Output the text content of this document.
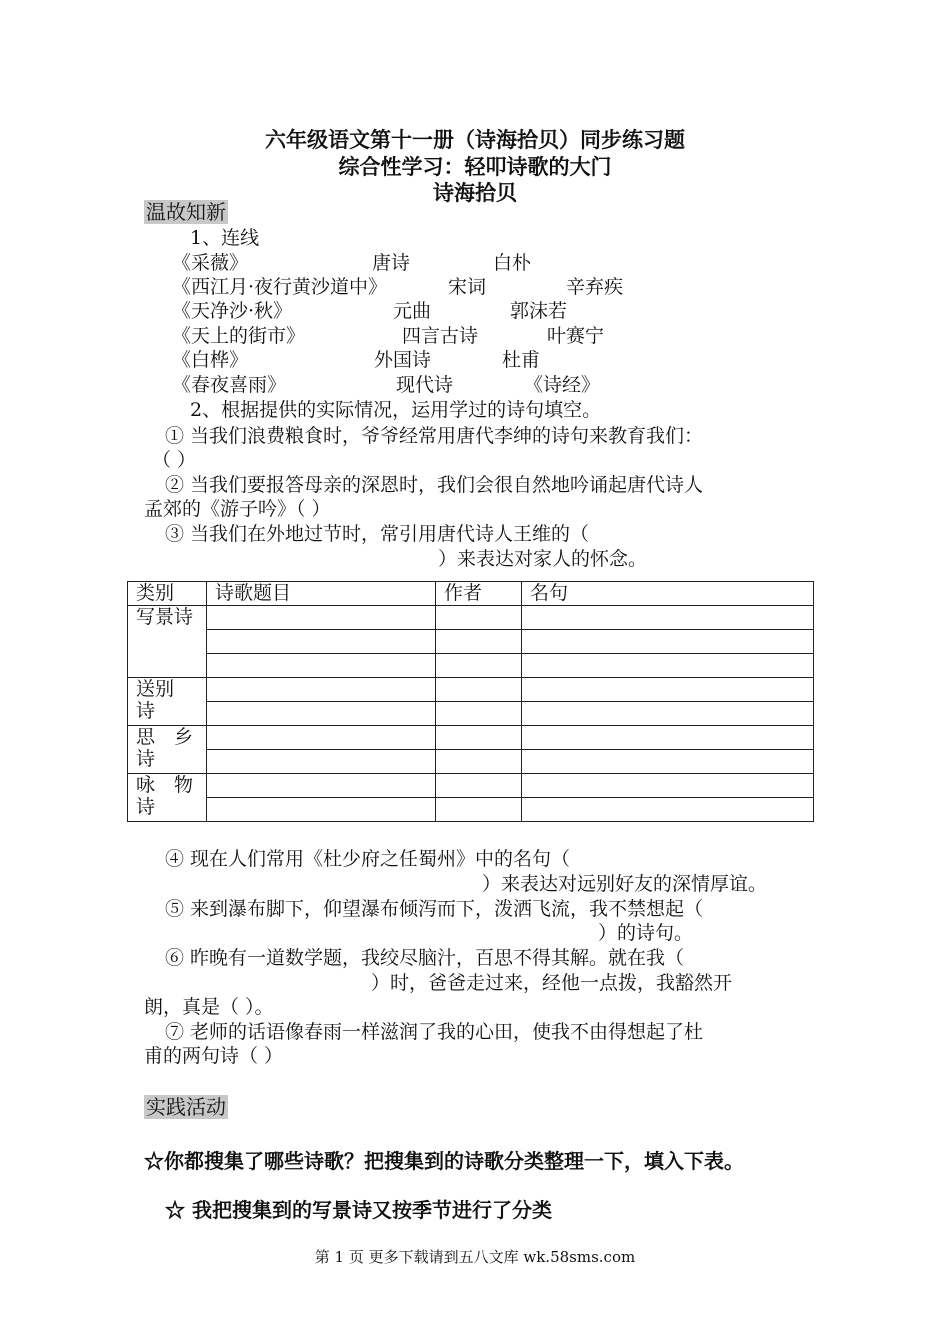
六年级语文第十一册（诗海拾贝）同步练习题
综合性学习：轻叩诗歌的大门
诗海拾贝
温故知新
1、连线
《采薇》	唐诗	白朴
《西江月·夜行黄沙道中》	宋词	辛弃疾
《天净沙·秋》	元曲	郭沫若
《天上的街市》	四言古诗	叶赛宁
《白桦》	外国诗	杜甫
《春夜喜雨》	现代诗	《诗经》
2、根据提供的实际情况，运用学过的诗句填空。
① 当我们浪费粮食时，爷爷经常用唐代李绅的诗句来教育我们：
（ ）
② 当我们要报答母亲的深恩时，我们会很自然地吟诵起唐代诗人
孟郊的《游子吟》（ ）
③ 当我们在外地过节时，常引用唐代诗人王维的（
）来表达对家人的怀念。
类别	诗歌题目	作者	名句
写景诗			

送别诗			

思　乡诗			

咏　物诗			

④ 现在人们常用《杜少府之任蜀州》中的名句（
）来表达对远别好友的深情厚谊。
⑤ 来到瀑布脚下，仰望瀑布倾泻而下，泼洒飞流，我不禁想起（
）的诗句。
⑥ 昨晚有一道数学题，我绞尽脑汁，百思不得其解。就在我（
）时，爸爸走过来，经他一点拨，我豁然开
朗，真是（ ）。
⑦ 老师的话语像春雨一样滋润了我的心田，使我不由得想起了杜
甫的两句诗（ ）
实践活动
☆你都搜集了哪些诗歌？把搜集到的诗歌分类整理一下，填入下表。
☆ 我把搜集到的写景诗又按季节进行了分类
第 1 页 更多下载请到五八文库 wk.58sms.com
